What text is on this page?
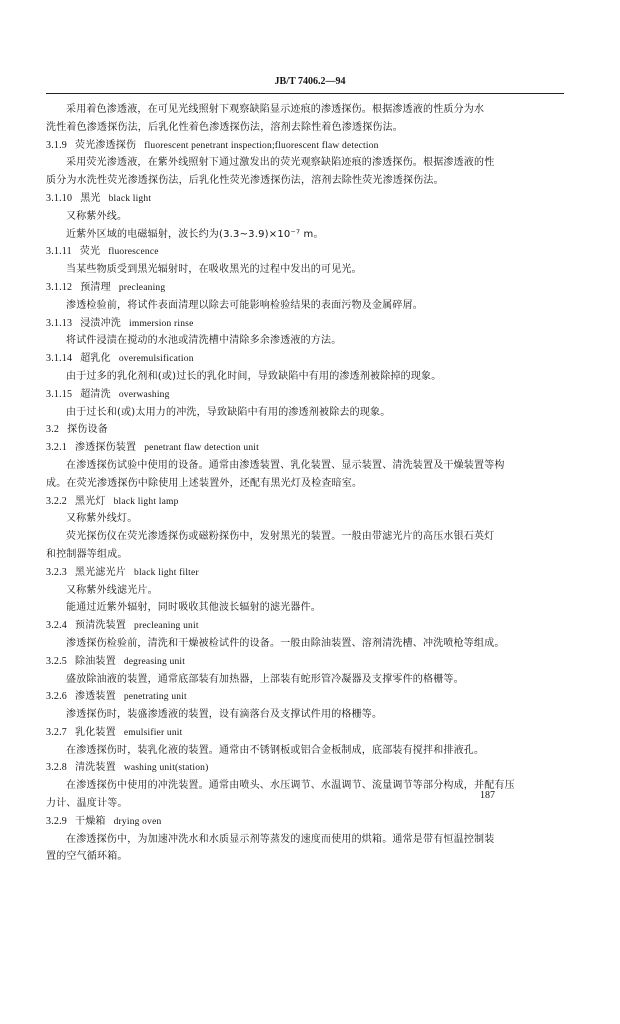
JB/T 7406.2—94
采用着色渗透液，在可见光线照射下观察缺陷显示迹痕的渗透探伤。根据渗透液的性质分为水
洗性着色渗透探伤法，后乳化性着色渗透探伤法，溶剂去除性着色渗透探伤法。
3.1.9 荧光渗透探伤 fluorescent penetrant inspection;fluorescent flaw detection
采用荧光渗透液，在紫外线照射下通过激发出的荧光观察缺陷迹痕的渗透探伤。根据渗透液的性
质分为水洗性荧光渗透探伤法，后乳化性荧光渗透探伤法，溶剂去除性荧光渗透探伤法。
3.1.10 黑光 black light
又称紫外线。
近紫外区域的电磁辐射，波长约为(3.3~3.9)×10⁻⁷ m。
3.1.11 荧光 fluorescence
当某些物质受到黑光辐射时，在吸收黑光的过程中发出的可见光。
3.1.12 预清理 precleaning
渗透检验前，将试件表面清理以除去可能影响检验结果的表面污物及金属碎屑。
3.1.13 浸渍冲洗 immersion rinse
将试件浸渍在搅动的水池或清洗槽中清除多余渗透液的方法。
3.1.14 超乳化 overemulsification
由于过多的乳化剂和(或)过长的乳化时间，导致缺陷中有用的渗透剂被除掉的现象。
3.1.15 超清洗 overwashing
由于过长和(或)太用力的冲洗，导致缺陷中有用的渗透剂被除去的现象。
3.2 探伤设备
3.2.1 渗透探伤装置 penetrant flaw detection unit
在渗透探伤试验中使用的设备。通常由渗透装置、乳化装置、显示装置、清洗装置及干燥装置等构
成。在荧光渗透探伤中除使用上述装置外，还配有黑光灯及检查暗室。
3.2.2 黑光灯 black light lamp
又称紫外线灯。
荧光探伤仪在荧光渗透探伤或磁粉探伤中，发射黑光的装置。一般由带滤光片的高压水银石英灯
和控制器等组成。
3.2.3 黑光滤光片 black light filter
又称紫外线滤光片。
能通过近紫外辐射，同时吸收其他波长辐射的滤光器件。
3.2.4 预清洗装置 precleaning unit
渗透探伤检验前，清洗和干燥被检试件的设备。一般由除油装置、溶剂清洗槽、冲洗喷枪等组成。
3.2.5 除油装置 degreasing unit
盛放除油液的装置，通常底部装有加热器，上部装有蛇形管冷凝器及支撑零件的格栅等。
3.2.6 渗透装置 penetrating unit
渗透探伤时，装盛渗透液的装置，设有滴落台及支撑试件用的格栅等。
3.2.7 乳化装置 emulsifier unit
在渗透探伤时，装乳化液的装置。通常由不锈钢板或铝合金板制成，底部装有搅拌和排液孔。
3.2.8 清洗装置 washing unit(station)
在渗透探伤中使用的冲洗装置。通常由喷头、水压调节、水温调节、流量调节等部分构成，并配有压
力计、温度计等。
3.2.9 干燥箱 drying oven
在渗透探伤中，为加速冲洗水和水质显示剂等蒸发的速度而使用的烘箱。通常是带有恒温控制装
置的空气循环箱。
187
